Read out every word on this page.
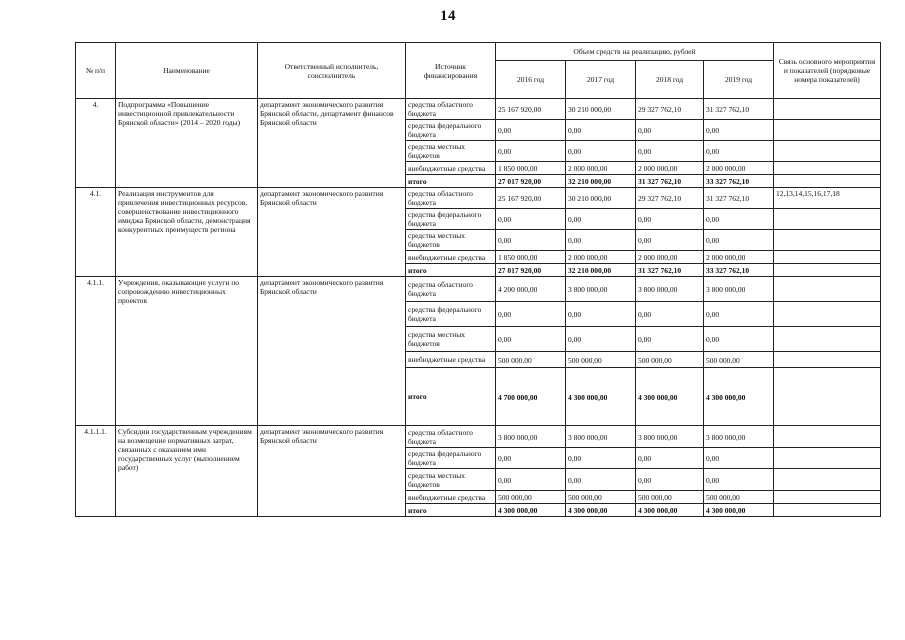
14
№ п/п	Наименование	Ответственный исполнитель, соисполнитель	Источник финансирования	Объем средств на реализацию, рублей				Связь основного мероприятия и показателей (порядковые номера показателей)
				2016 год	2017 год	2018 год	2019 год	
4.	Подпрограмма «Повышение инвестиционной привлекательности Брянской области» (2014 – 2020 годы)	департамент экономического развития Брянской области, департамент финансов Брянской области	средства областного бюджета	25 167 920,00	30 210 000,00	29 327 762,10	31 327 762,10	
			средства федерального бюджета	0,00	0,00	0,00	0,00	
			средства местных бюджетов	0,00	0,00	0,00	0,00	
			внебюджетные средства	1 850 000,00	2 000 000,00	2 000 000,00	2 000 000,00	
			итого	27 017 920,00	32 210 000,00	31 327 762,10	33 327 762,10	
4.1.	Реализация инструментов для привлечения инвестиционных ресурсов, совершенствование инвестиционного имиджа Брянской области, демонстрация конкурентных преимуществ региона	департамент экономического развития Брянской области	средства областного бюджета	25 167 920,00	30 210 000,00	29 327 762,10	31 327 762,10	12,13,14,15,16,17,18
			средства федерального бюджета	0,00	0,00	0,00	0,00	
			средства местных бюджетов	0,00	0,00	0,00	0,00	
			внебюджетные средства	1 850 000,00	2 000 000,00	2 000 000,00	2 000 000,00	
			итого	27 017 920,00	32 210 000,00	31 327 762,10	33 327 762,10	
4.1.1.	Учреждения, оказывающие услуги по сопровождению инвестиционных проектов	департамент экономического развития Брянской области	средства областного бюджета	4 200 000,00	3 800 000,00	3 800 000,00	3 800 000,00	
			средства федерального бюджета	0,00	0,00	0,00	0,00	
			средства местных бюджетов	0,00	0,00	0,00	0,00	
			внебюджетные средства	500 000,00	500 000,00	500 000,00	500 000,00	
			итого	4 700 000,00	4 300 000,00	4 300 000,00	4 300 000,00	
4.1.1.1.	Субсидии государственным учреждениям на возмещение нормативных затрат, связанных с оказанием ими государственных услуг (выполнением работ)	департамент экономического развития Брянской области	средства областного бюджета	3 800 000,00	3 800 000,00	3 800 000,00	3 800 000,00	
			средства федерального бюджета	0,00	0,00	0,00	0,00	
			средства местных бюджетов	0,00	0,00	0,00	0,00	
			внебюджетные средства	500 000,00	500 000,00	500 000,00	500 000,00	
			итого	4 300 000,00	4 300 000,00	4 300 000,00	4 300 000,00	
